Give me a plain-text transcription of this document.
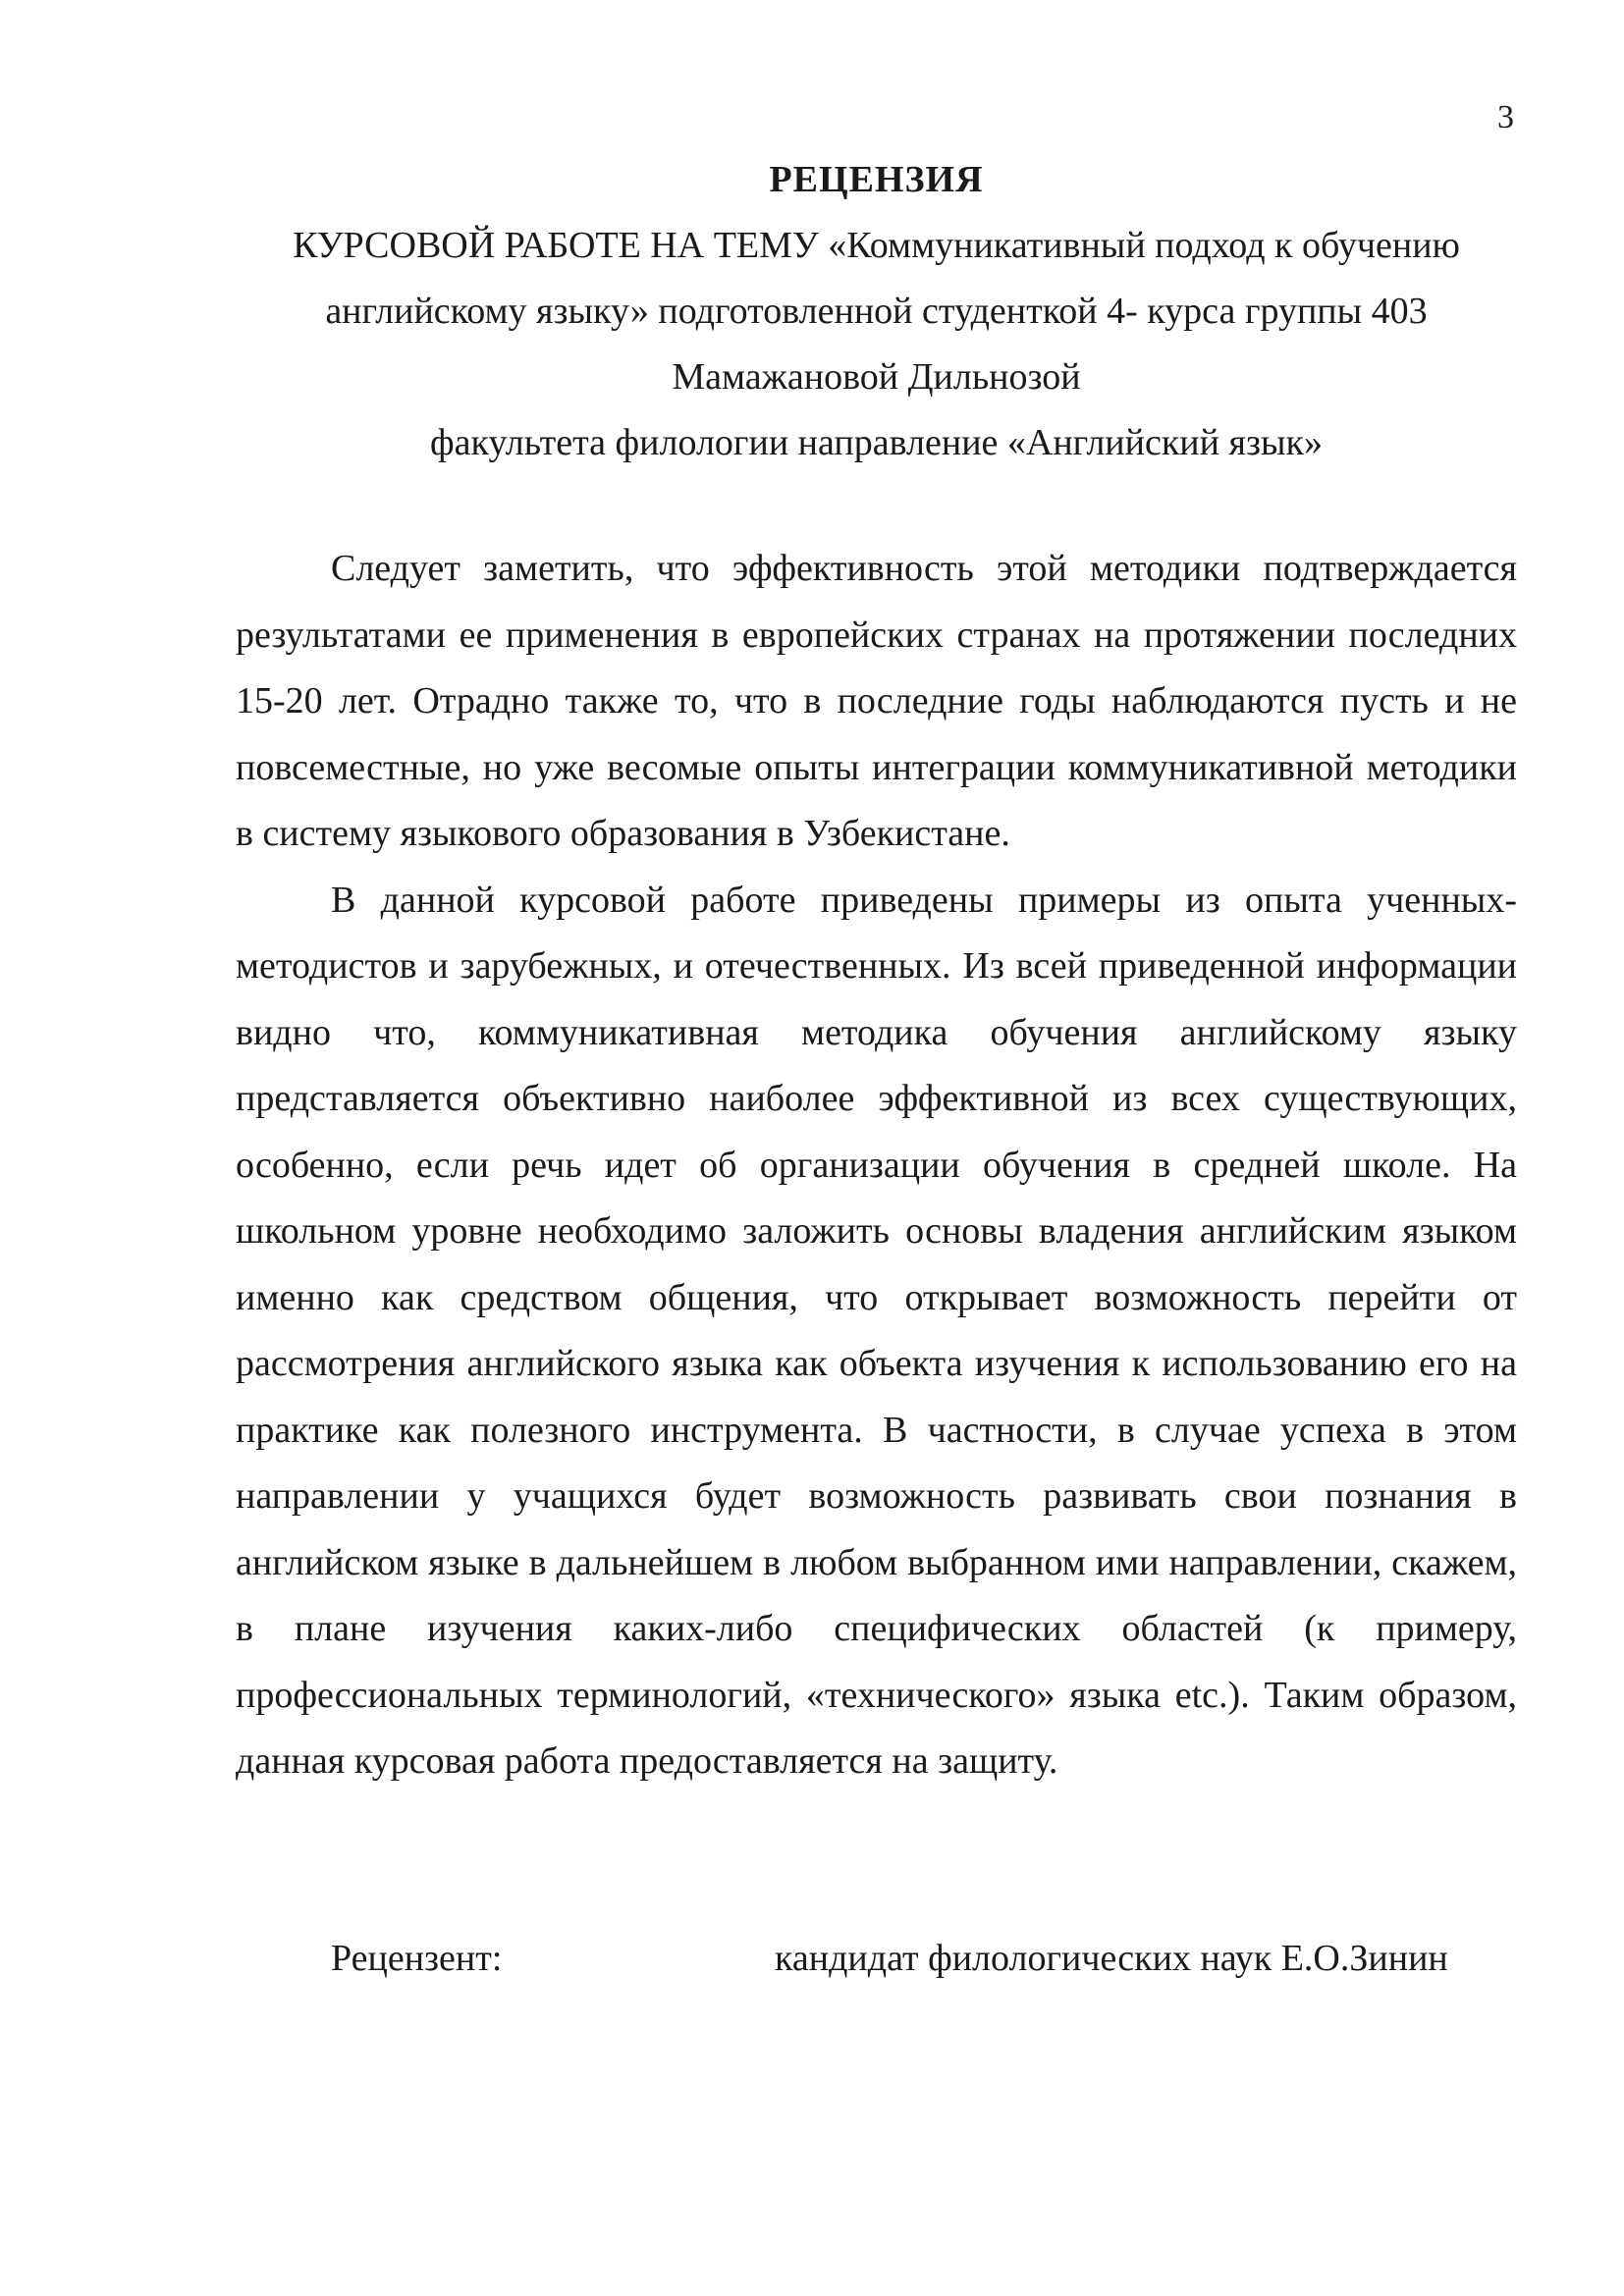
3
РЕЦЕНЗИЯ
КУРСОВОЙ РАБОТЕ НА ТЕМУ «Коммуникативный подход к обучению
английскому языку» подготовленной студенткой 4- курса группы 403
Мамажановой Дильнозой
факультета филологии направление «Английский язык»

Следует заметить, что эффективность этой методики подтверждается результатами ее применения в европейских странах на протяжении последних 15-20 лет. Отрадно также то, что в последние годы наблюдаются пусть и не повсеместные, но уже весомые опыты интеграции коммуникативной методики в систему языкового образования в Узбекистане.

В данной курсовой работе приведены примеры из опыта ученных-методистов и зарубежных, и отечественных. Из всей приведенной информации видно что, коммуникативная методика обучения английскому языку представляется объективно наиболее эффективной из всех существующих, особенно, если речь идет об организации обучения в средней школе. На школьном уровне необходимо заложить основы владения английским языком именно как средством общения, что открывает возможность перейти от рассмотрения английского языка как объекта изучения к использованию его на практике как полезного инструмента. В частности, в случае успеха в этом направлении у учащихся будет возможность развивать свои познания в английском языке в дальнейшем в любом выбранном ими направлении, скажем, в плане изучения каких-либо специфических областей (к примеру, профессиональных терминологий, «технического» языка etc.). Таким образом, данная курсовая работа предоставляется на защиту.

Рецензент:	кандидат филологических наук Е.О.Зинин
